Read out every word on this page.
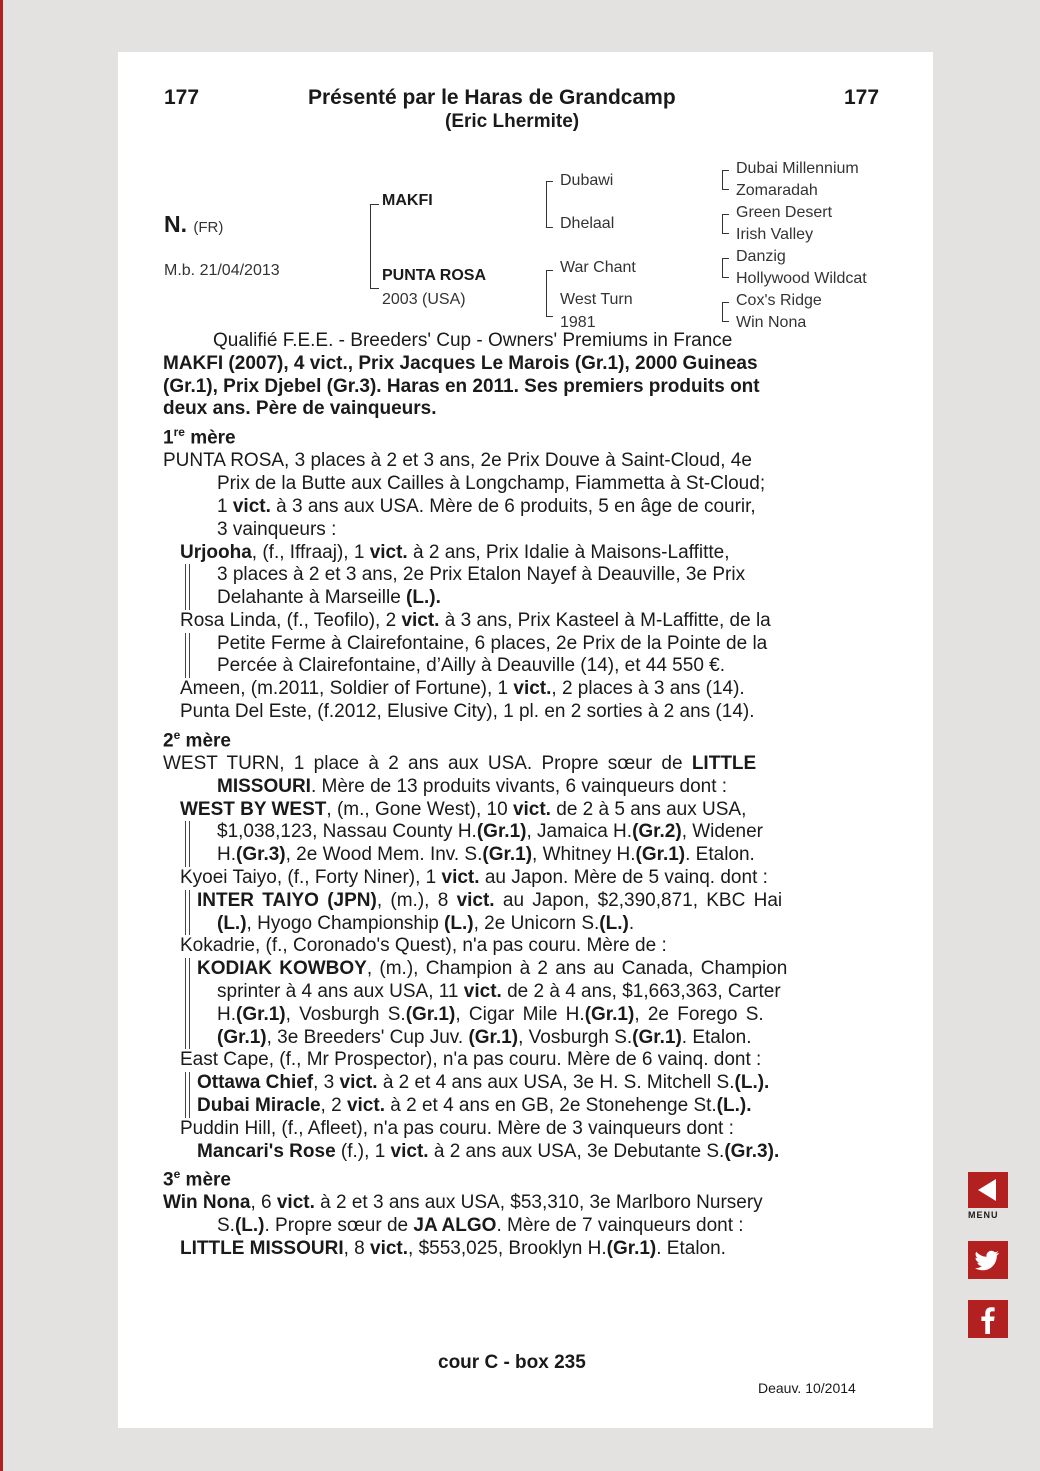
177	Présenté par le Haras de Grandcamp
(Eric Lhermite)
177
N. (FR)
M.b. 21/04/2013
MAKFI
PUNTA ROSA
2003 (USA)
Dubawi
Dhelaal
War Chant
West Turn
1981
Dubai Millennium
Zomaradah
Green Desert
Irish Valley
Danzig
Hollywood Wildcat
Cox's Ridge
Win Nona
Qualifié F.E.E. - Breeders' Cup - Owners' Premiums in France
MAKFI (2007), 4 vict., Prix Jacques Le Marois (Gr.1), 2000 Guineas
(Gr.1), Prix Djebel (Gr.3). Haras en 2011. Ses premiers produits ont
deux ans. Père de vainqueurs.
1re mère
PUNTA ROSA, 3 places à 2 et 3 ans, 2e Prix Douve à Saint-Cloud, 4e
Prix de la Butte aux Cailles à Longchamp, Fiammetta à St-Cloud;
1 vict. à 3 ans aux USA. Mère de 6 produits, 5 en âge de courir,
3 vainqueurs :
Urjooha, (f., Iffraaj), 1 vict. à 2 ans, Prix Idalie à Maisons-Laffitte,
3 places à 2 et 3 ans, 2e Prix Etalon Nayef à Deauville, 3e Prix
Delahante à Marseille (L.).
Rosa Linda, (f., Teofilo), 2 vict. à 3 ans, Prix Kasteel à M-Laffitte, de la
Petite Ferme à Clairefontaine, 6 places, 2e Prix de la Pointe de la
Percée à Clairefontaine, d’Ailly à Deauville (14), et 44 550 €.
Ameen, (m.2011, Soldier of Fortune), 1 vict., 2 places à 3 ans (14).
Punta Del Este, (f.2012, Elusive City), 1 pl. en 2 sorties à 2 ans (14).
2e mère
WEST TURN, 1 place à 2 ans aux USA. Propre sœur de LITTLE
MISSOURI. Mère de 13 produits vivants, 6 vainqueurs dont :
WEST BY WEST, (m., Gone West), 10 vict. de 2 à 5 ans aux USA,
$1,038,123, Nassau County H.(Gr.1), Jamaica H.(Gr.2), Widener
H.(Gr.3), 2e Wood Mem. Inv. S.(Gr.1), Whitney H.(Gr.1). Etalon.
Kyoei Taiyo, (f., Forty Niner), 1 vict. au Japon. Mère de 5 vainq. dont :
INTER TAIYO (JPN), (m.), 8 vict. au Japon, $2,390,871, KBC Hai
(L.), Hyogo Championship (L.), 2e Unicorn S.(L.).
Kokadrie, (f., Coronado's Quest), n'a pas couru. Mère de :
KODIAK KOWBOY, (m.), Champion à 2 ans au Canada, Champion
sprinter à 4 ans aux USA, 11 vict. de 2 à 4 ans, $1,663,363, Carter
H.(Gr.1), Vosburgh S.(Gr.1), Cigar Mile H.(Gr.1), 2e Forego S.
(Gr.1), 3e Breeders' Cup Juv. (Gr.1), Vosburgh S.(Gr.1). Etalon.
East Cape, (f., Mr Prospector), n'a pas couru. Mère de 6 vainq. dont :
Ottawa Chief, 3 vict. à 2 et 4 ans aux USA, 3e H. S. Mitchell S.(L.).
Dubai Miracle, 2 vict. à 2 et 4 ans en GB, 2e Stonehenge St.(L.).
Puddin Hill, (f., Afleet), n'a pas couru. Mère de 3 vainqueurs dont :
Mancari's Rose (f.), 1 vict. à 2 ans aux USA, 3e Debutante S.(Gr.3).
3e mère
Win Nona, 6 vict. à 2 et 3 ans aux USA, $53,310, 3e Marlboro Nursery
S.(L.). Propre sœur de JA ALGO. Mère de 7 vainqueurs dont :
LITTLE MISSOURI, 8 vict., $553,025, Brooklyn H.(Gr.1). Etalon.
cour C - box 235
Deauv. 10/2014
MENU
